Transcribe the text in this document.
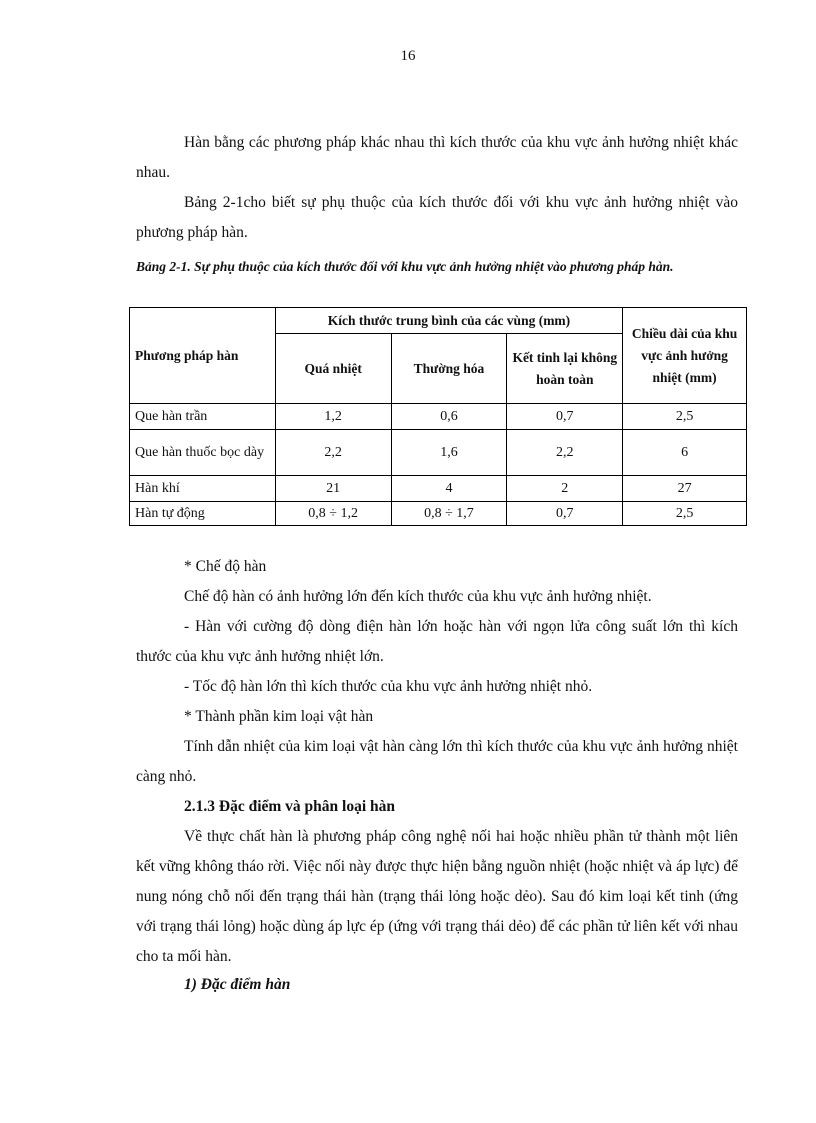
16

Hàn bằng các phương pháp khác nhau thì kích thước của khu vực ảnh hưởng nhiệt khác nhau.

Bảng 2-1cho biết sự phụ thuộc của kích thước đối với khu vực ảnh hưởng nhiệt vào phương pháp hàn.

Bảng 2-1. Sự phụ thuộc của kích thước đối với khu vực ảnh hưởng nhiệt vào phương pháp hàn.
Phương pháp hàn	Kích thước trung bình của các vùng (mm)			Chiều dài của khu vực ảnh hưởng nhiệt (mm)
	Quá nhiệt	Thường hóa	Kết tinh lại không hoàn toàn	
Que hàn trần	1,2	0,6	0,7	2,5
Que hàn thuốc bọc dày	2,2	1,6	2,2	6
Hàn khí	21	4	2	27
Hàn tự động	0,8 ÷ 1,2	0,8 ÷ 1,7	0,7	2,5

* Chế độ hàn

Chế độ hàn có ảnh hưởng lớn đến kích thước của khu vực ảnh hưởng nhiệt.

- Hàn với cường độ dòng điện hàn lớn hoặc hàn với ngọn lửa công suất lớn thì kích thước của khu vực ảnh hưởng nhiệt lớn.

- Tốc độ hàn lớn thì kích thước của khu vực ảnh hưởng nhiệt nhỏ.

* Thành phần kim loại vật hàn

Tính dẫn nhiệt của kim loại vật hàn càng lớn thì kích thước của khu vực ảnh hưởng nhiệt càng nhỏ.

2.1.3 Đặc điểm và phân loại hàn

Về thực chất hàn là phương pháp công nghệ nối hai hoặc nhiều phần tử thành một liên kết vững không tháo rời. Việc nối này được thực hiện bằng nguồn nhiệt (hoặc nhiệt và áp lực) để nung nóng chỗ nối đến trạng thái hàn (trạng thái lỏng hoặc dẻo). Sau đó kim loại kết tinh (ứng với trạng thái lỏng) hoặc dùng áp lực ép (ứng với trạng thái dẻo) để các phần tử liên kết với nhau cho ta mối hàn.

1) Đặc điểm hàn
